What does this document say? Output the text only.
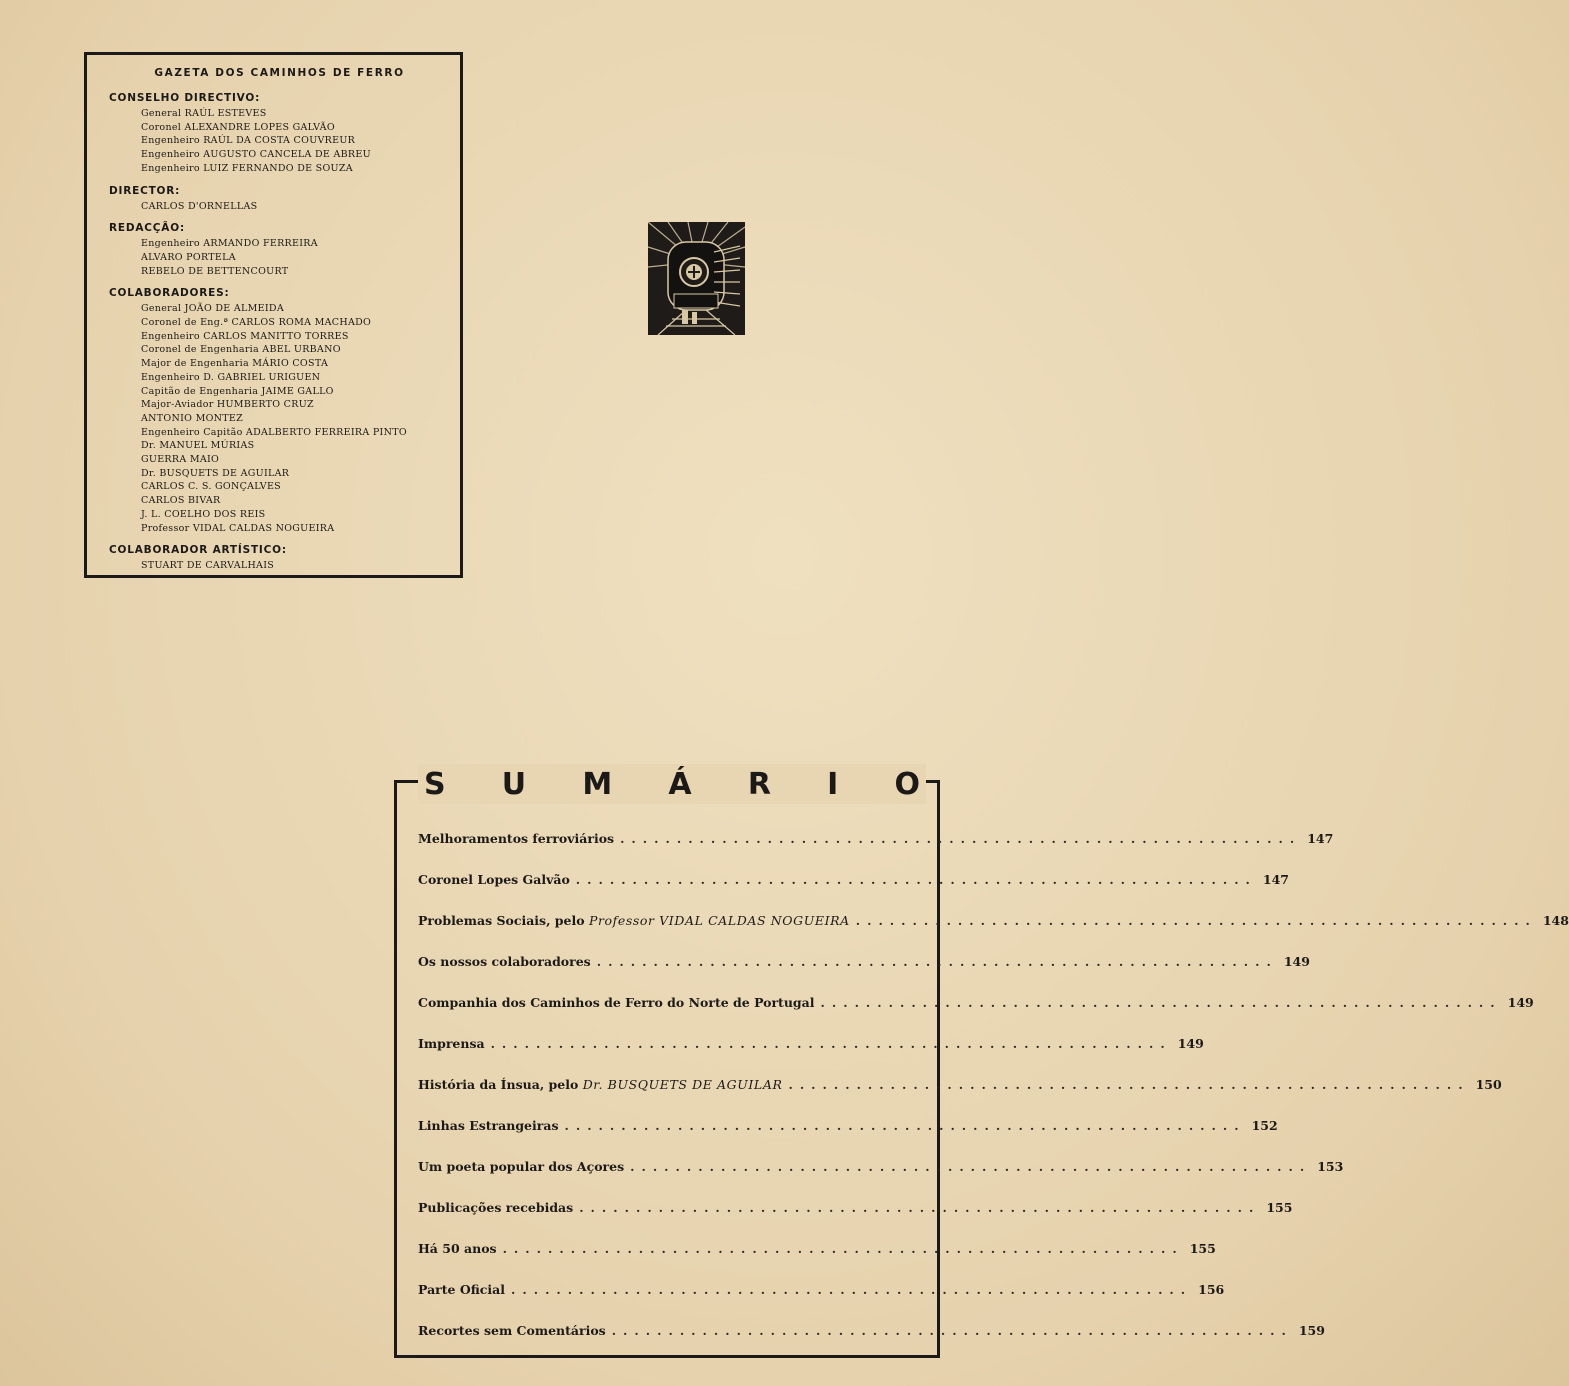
GAZETA DOS CAMINHOS DE FERRO
CONSELHO DIRECTIVO:
General RAÚL ESTEVES
Coronel ALEXANDRE LOPES GALVÃO
Engenheiro RAÚL DA COSTA COUVREUR
Engenheiro AUGUSTO CANCELA DE ABREU
Engenheiro LUIZ FERNANDO DE SOUZA
DIRECTOR:
CARLOS D'ORNELLAS
REDACÇÃO:
Engenheiro ARMANDO FERREIRA
ALVARO PORTELA
REBELO DE BETTENCOURT
COLABORADORES:
General JOÃO DE ALMEIDA
Coronel de Eng.ª CARLOS ROMA MACHADO
Engenheiro CARLOS MANITTO TORRES
Coronel de Engenharia ABEL URBANO
Major de Engenharia MÁRIO COSTA
Engenheiro D. GABRIEL URIGUEN
Capitão de Engenharia JAIME GALLO
Major-Aviador HUMBERTO CRUZ
ANTONIO MONTEZ
Engenheiro Capitão ADALBERTO FERREIRA PINTO
Dr. MANUEL MÚRIAS
GUERRA MAIO
Dr. BUSQUETS DE AGUILAR
CARLOS C. S. GONÇALVES
CARLOS BIVAR
J. L. COELHO DOS REIS
Professor VIDAL CALDAS NOGUEIRA
COLABORADOR ARTÍSTICO:
STUART DE CARVALHAIS
S U M Á R I O
Melhoramentos ferroviários ............................................................ 147
Coronel Lopes Galvão ............................................................ 147
Problemas Sociais, pelo Professor VIDAL CALDAS NOGUEIRA ............................................................ 148
Os nossos colaboradores ............................................................ 149
Companhia dos Caminhos de Ferro do Norte de Portugal ............................................................ 149
Imprensa ............................................................ 149
História da Ínsua, pelo Dr. BUSQUETS DE AGUILAR ............................................................ 150
Linhas Estrangeiras ............................................................ 152
Um poeta popular dos Açores ............................................................ 153
Publicações recebidas ............................................................ 155
Há 50 anos ............................................................ 155
Parte Oficial ............................................................ 156
Recortes sem Comentários ............................................................ 159
